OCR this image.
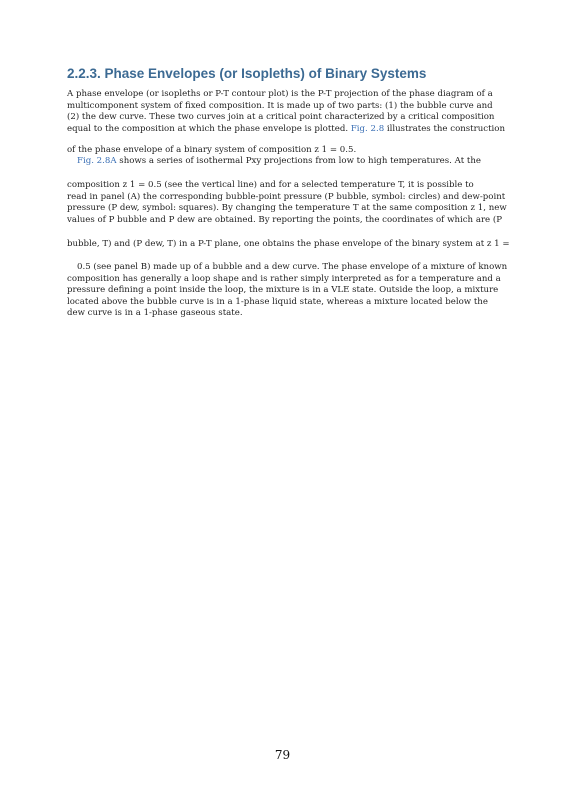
2.2.3. Phase Envelopes (or Isopleths) of Binary Systems
A phase envelope (or isopleths or P-T contour plot) is the P-T projection of the phase diagram of a
multicomponent system of fixed composition. It is made up of two parts: (1) the bubble curve and
(2) the dew curve. These two curves join at a critical point characterized by a critical composition
equal to the composition at which the phase envelope is plotted. Fig. 2.8 illustrates the construction
of the phase envelope of a binary system of composition z 1 = 0.5.
Fig. 2.8A shows a series of isothermal Pxy projections from low to high temperatures. At the
composition z 1 = 0.5 (see the vertical line) and for a selected temperature T, it is possible to
read in panel (A) the corresponding bubble-point pressure (P bubble, symbol: circles) and dew-point
pressure (P dew, symbol: squares). By changing the temperature T at the same composition z 1, new
values of P bubble and P dew are obtained. By reporting the points, the coordinates of which are (P
bubble, T) and (P dew, T) in a P-T plane, one obtains the phase envelope of the binary system at z 1 =
0.5 (see panel B) made up of a bubble and a dew curve. The phase envelope of a mixture of known
composition has generally a loop shape and is rather simply interpreted as for a temperature and a
pressure defining a point inside the loop, the mixture is in a VLE state. Outside the loop, a mixture
located above the bubble curve is in a 1-phase liquid state, whereas a mixture located below the
dew curve is in a 1-phase gaseous state.
79
